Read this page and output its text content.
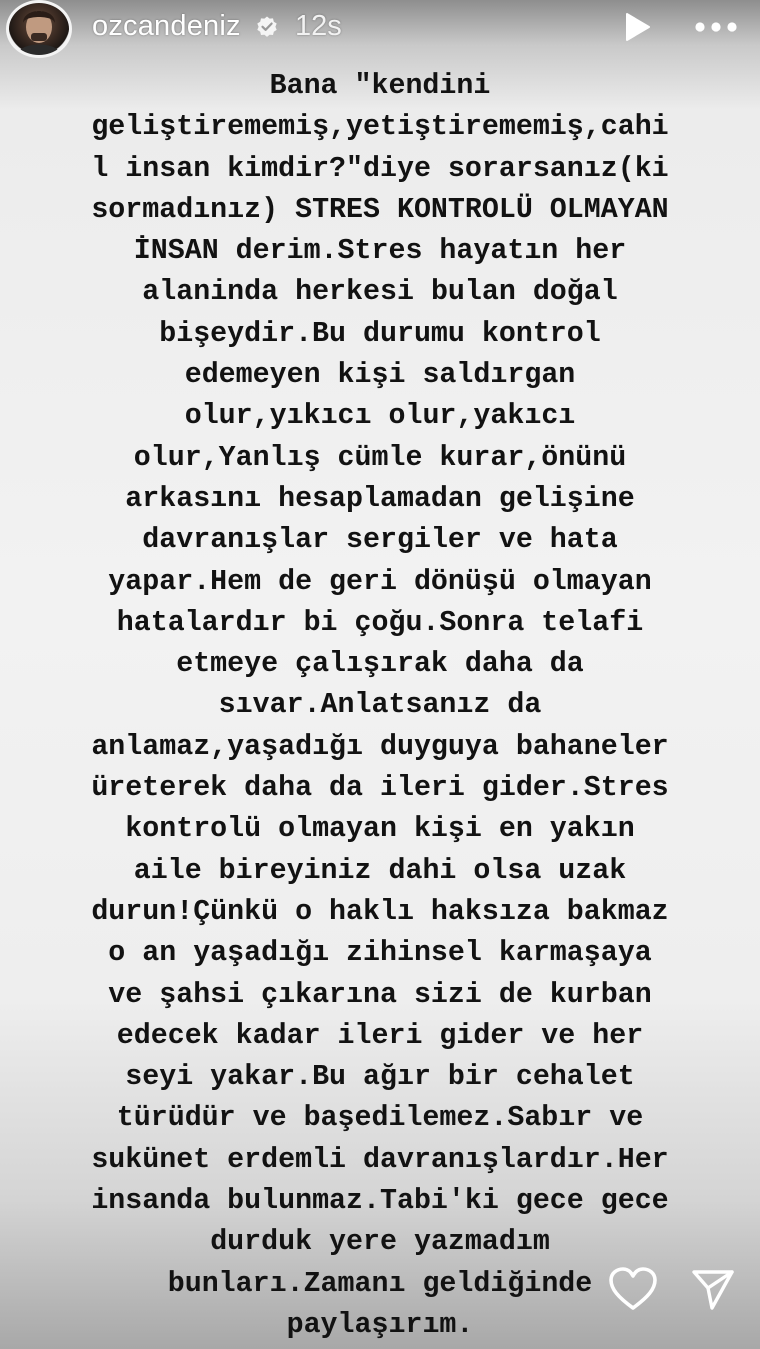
ozcandeniz 12s
Bana "kendini
geliştirememiş,yetiştirememiş,cahi
l insan kimdir?"diye sorarsanız(ki
sormadınız) STRES KONTROLÜ OLMAYAN
İNSAN derim.Stres hayatın her
alaninda herkesi bulan doğal
bişeydir.Bu durumu kontrol
edemeyen kişi saldırgan
olur,yıkıcı olur,yakıcı
olur,Yanlış cümle kurar,önünü
arkasını hesaplamadan gelişine
davranışlar sergiler ve hata
yapar.Hem de geri dönüşü olmayan
hatalardır bi çoğu.Sonra telafi
etmeye çalışırak daha da
sıvar.Anlatsanız da
anlamaz,yaşadığı duyguya bahaneler
üreterek daha da ileri gider.Stres
kontrolü olmayan kişi en yakın
aile bireyiniz dahi olsa uzak
durun!Çünkü o haklı haksıza bakmaz
o an yaşadığı zihinsel karmaşaya
ve şahsi çıkarına sizi de kurban
edecek kadar ileri gider ve her
seyi yakar.Bu ağır bir cehalet
türüdür ve başedilemez.Sabır ve
sukünet erdemli davranışlardır.Her
insanda bulunmaz.Tabi'ki gece gece
durduk yere yazmadım
bunları.Zamanı geldiğinde
paylaşırım.
